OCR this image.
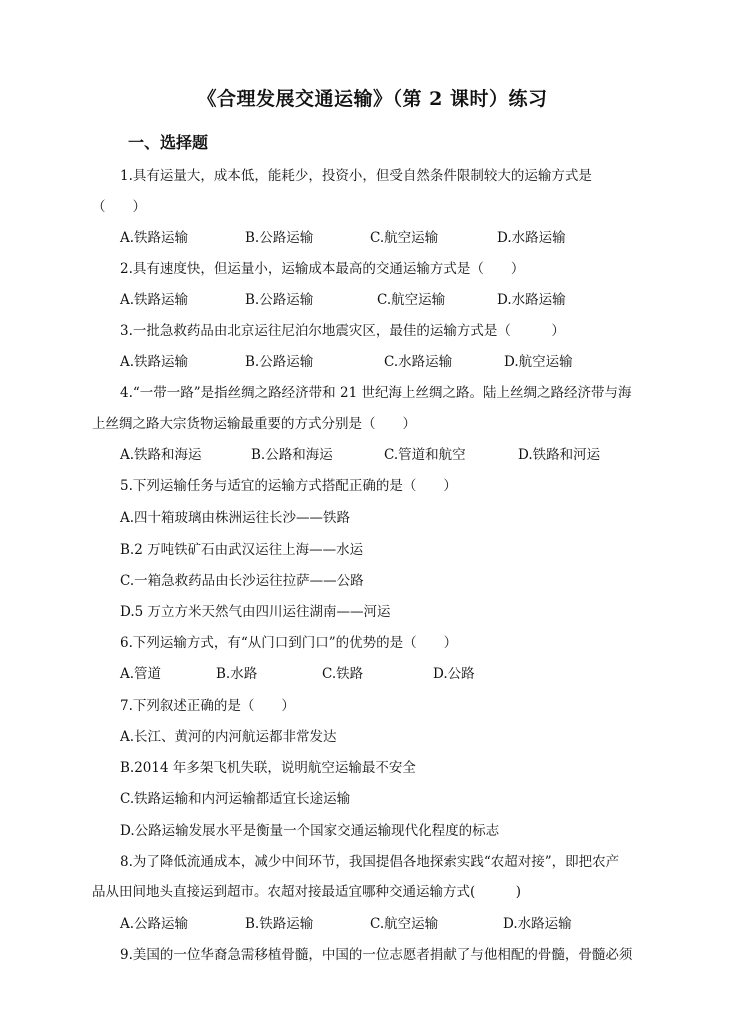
《合理发展交通运输》（第 2 课时）练习
一、选择题
1.具有运量大，成本低，能耗少，投资小，但受自然条件限制较大的运输方式是
（　　）
A.铁路运输	B.公路运输	C.航空运输	D.水路运输
2.具有速度快，但运量小，运输成本最高的交通运输方式是（　　）
A.铁路运输	B.公路运输	C.航空运输	D.水路运输
3.一批急救药品由北京运往尼泊尔地震灾区，最佳的运输方式是（　　　）
A.铁路运输	B.公路运输	C.水路运输	D.航空运输
4.“一带一路”是指丝绸之路经济带和 21 世纪海上丝绸之路。陆上丝绸之路经济带与海
上丝绸之路大宗货物运输最重要的方式分别是（　　）
A.铁路和海运	B.公路和海运	C.管道和航空	D.铁路和河运
5.下列运输任务与适宜的运输方式搭配正确的是（　　）
A.四十箱玻璃由株洲运往长沙——铁路
B.2 万吨铁矿石由武汉运往上海——水运
C.一箱急救药品由长沙运往拉萨——公路
D.5 万立方米天然气由四川运往湖南——河运
6.下列运输方式，有“从门口到门口”的优势的是（　　）
A.管道	B.水路	C.铁路	D.公路
7.下列叙述正确的是（　　）
A.长江、黄河的内河航运都非常发达
B.2014 年多架飞机失联，说明航空运输最不安全
C.铁路运输和内河运输都适宜长途运输
D.公路运输发展水平是衡量一个国家交通运输现代化程度的标志
8.为了降低流通成本，减少中间环节，我国提倡各地探索实践“农超对接”，即把农产
品从田间地头直接运到超市。农超对接最适宜哪种交通运输方式(　　　)
A.公路运输	B.铁路运输	C.航空运输	D.水路运输
9.美国的一位华裔急需移植骨髓，中国的一位志愿者捐献了与他相配的骨髓，骨髓必须
